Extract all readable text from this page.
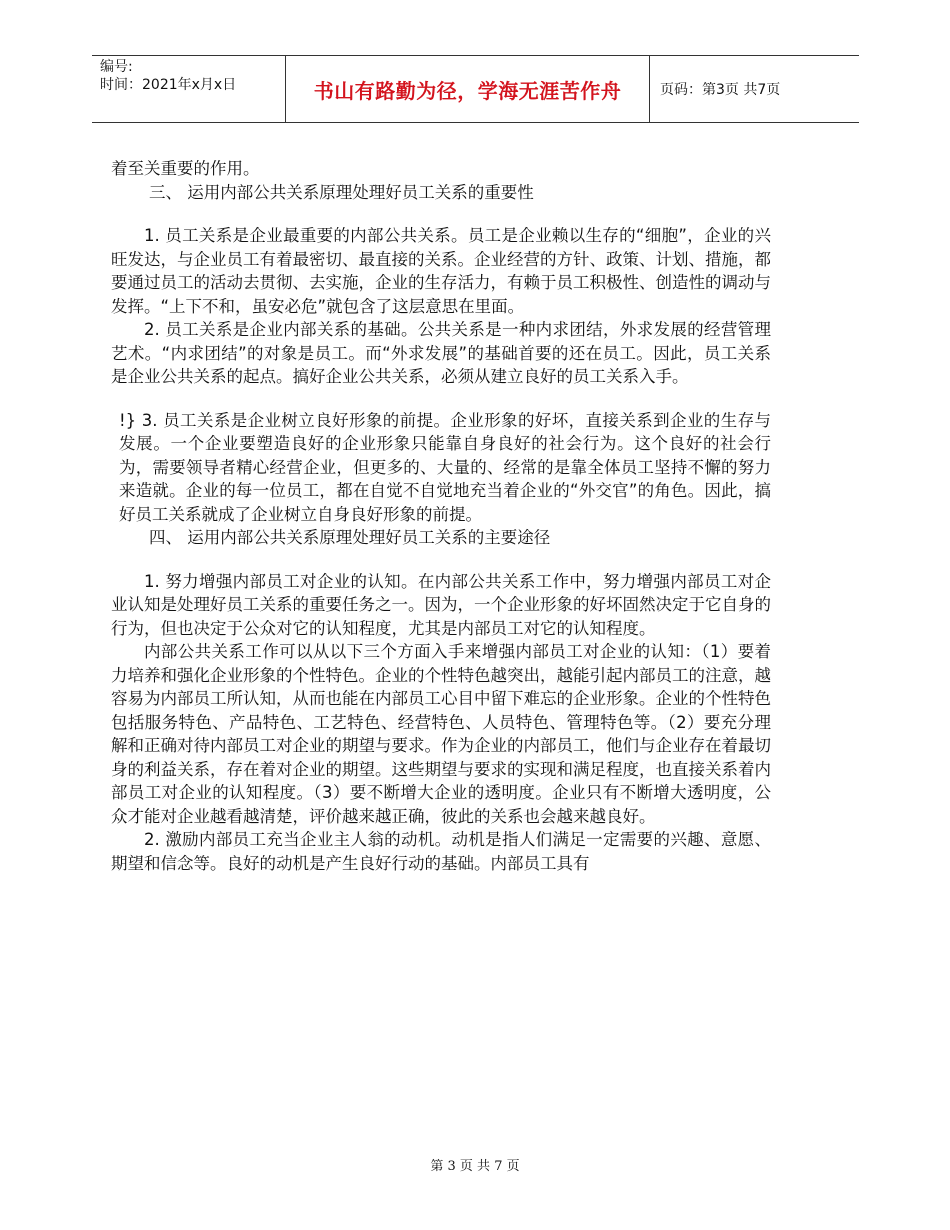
编号:
时间：2021年x月x日	书山有路勤为径，学海无涯苦作舟	页码：第3页 共7页

着至关重要的作用。

三、 运用内部公共关系原理处理好员工关系的重要性

1. 员工关系是企业最重要的内部公共关系。员工是企业赖以生存的“细胞”，企业的兴旺发达，与企业员工有着最密切、最直接的关系。企业经营的方针、政策、计划、措施，都要通过员工的活动去贯彻、去实施，企业的生存活力，有赖于员工积极性、创造性的调动与发挥。“上下不和，虽安必危”就包含了这层意思在里面。

2. 员工关系是企业内部关系的基础。公共关系是一种内求团结，外求发展的经营管理艺术。“内求团结”的对象是员工。而“外求发展”的基础首要的还在员工。因此，员工关系是企业公共关系的起点。搞好企业公共关系，必须从建立良好的员工关系入手。

!} 3. 员工关系是企业树立良好形象的前提。企业形象的好坏，直接关系到企业的生存与发展。一个企业要塑造良好的企业形象只能靠自身良好的社会行为。这个良好的社会行为，需要领导者精心经营企业，但更多的、大量的、经常的是靠全体员工坚持不懈的努力来造就。企业的每一位员工，都在自觉不自觉地充当着企业的“外交官”的角色。因此，搞好员工关系就成了企业树立自身良好形象的前提。

四、 运用内部公共关系原理处理好员工关系的主要途径

1. 努力增强内部员工对企业的认知。在内部公共关系工作中，努力增强内部员工对企业认知是处理好员工关系的重要任务之一。因为，一个企业形象的好坏固然决定于它自身的行为，但也决定于公众对它的认知程度，尤其是内部员工对它的认知程度。

内部公共关系工作可以从以下三个方面入手来增强内部员工对企业的认知：（1）要着力培养和强化企业形象的个性特色。企业的个性特色越突出，越能引起内部员工的注意，越容易为内部员工所认知，从而也能在内部员工心目中留下难忘的企业形象。企业的个性特色包括服务特色、产品特色、工艺特色、经营特色、人员特色、管理特色等。（2）要充分理解和正确对待内部员工对企业的期望与要求。作为企业的内部员工，他们与企业存在着最切身的利益关系，存在着对企业的期望。这些期望与要求的实现和满足程度，也直接关系着内部员工对企业的认知程度。（3）要不断增大企业的透明度。企业只有不断增大透明度，公众才能对企业越看越清楚，评价越来越正确，彼此的关系也会越来越良好。

2. 激励内部员工充当企业主人翁的动机。动机是指人们满足一定需要的兴趣、意愿、期望和信念等。良好的动机是产生良好行动的基础。内部员工具有

第 3 页 共 7 页
